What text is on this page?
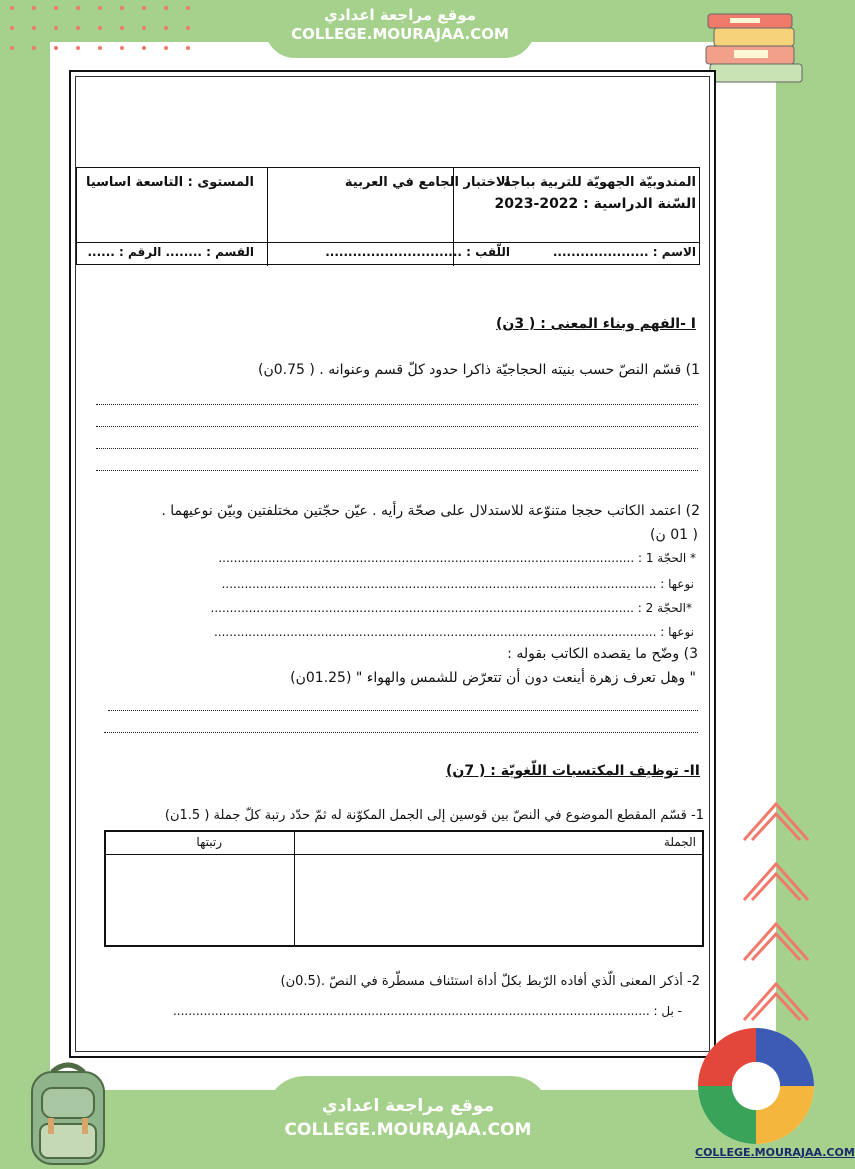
موقع مراجعة اعدادي
COLLEGE.MOURAJAA.COM
المندوبيّة الجهويّة للتربية بباجة
السّنة الدراسية : 2022-2023
الاختبار الجامع في العربية
المستوى : التاسعة اساسيا
الاسم : .....................
اللّقب : ..............................
القسم : ........ الرقم : ......
I -الفهم وبناء المعنى : ( 3ن)
1) قسّم النصّ حسب بنيته الحجاجيّة ذاكرا حدود كلّ قسم وعنوانه . ( 0.75ن)
2) اعتمد الكاتب حججا متنوّعة للاستدلال على صحّة رأيه . عيّن حجّتين مختلفتين وبيّن نوعيهما .
( 01 ن)
* الحجّة 1 : .............................................................................................................
نوعها : ..................................................................................................................
*الحجّة 2 : ...............................................................................................................
نوعها : ....................................................................................................................
3) وضّح ما يقصده الكاتب بقوله :
" وهل تعرف زهرة أينعت دون أن تتعرّض للشمس والهواء " (01.25ن)
II- توظيف المكتسبات اللّغويّة : ( 7ن)
1- قسّم المقطع الموضوع في النصّ بين قوسين إلى الجمل المكوّنة له ثمّ حدّد رتبة كلّ جملة ( 1.5ن)
الجملة
رتبتها
2- أذكر المعنى الّذي أفاده الرّبط بكلّ أداة استئناف مسطّرة في النصّ .(0.5ن)
- بل : .............................................................................................................................
موقع مراجعة اعدادي
COLLEGE.MOURAJAA.COM
COLLEGE.MOURAJAA.COM
